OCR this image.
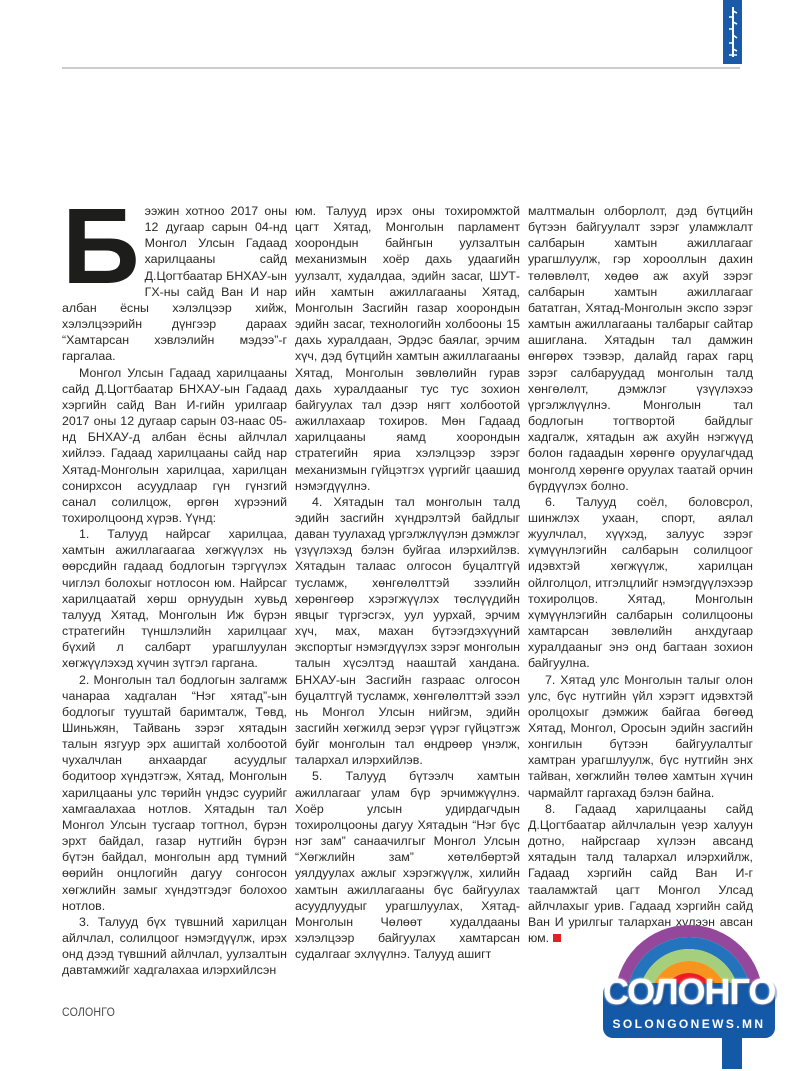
Бээжин хотноо 2017 оны 12 дугаар сарын 04-нд Монгол Улсын Гадаад харилцааны сайд Д.Цогтбаатар БНХАУ-ын ГХ-ны сайд Ван И нар албан ёсны хэлэлцээр хийж, хэлэлцээрийн дүнгээр дараах “Хамтарсан хэвлэлийн мэдээ”-г гаргалаа.

Монгол Улсын Гадаад харилцааны сайд Д.Цогтбаатар БНХАУ-ын Гадаад хэргийн сайд Ван И-гийн урилгаар 2017 оны 12 дугаар сарын 03-наас 05-нд БНХАУ-д албан ёсны айлчлал хийлээ. Гадаад харилцааны сайд нар Хятад-Монголын харилцаа, харилцан сонирхсон асуудлаар гүн гүнзгий санал солилцож, өргөн хүрээний тохиролцоонд хүрэв. Үүнд:

1. Талууд найрсаг харилцаа, хамтын ажиллагаагаа хөгжүүлэх нь өөрсдийн гадаад бодлогын тэргүүлэх чиглэл болохыг нотлосон юм. Найрсаг харилцаатай хөрш орнуудын хувьд талууд Хятад, Монголын Иж бүрэн стратегийн түншлэлийн харилцааг бүхий л салбарт урагшлуулан хөгжүүлэхэд хүчин зүтгэл гаргана.

2. Монголын тал бодлогын залгамж чанараа хадгалан “Нэг хятад”-ын бодлогыг тууштай баримталж, Төвд, Шиньжян, Тайвань зэрэг хятадын талын язгуур эрх ашигтай холбоотой чухалчлан анхаардаг асуудлыг бодитоор хүндэтгэж, Хятад, Монголын харилцааны улс төрийн үндэс суурийг хамгаалахаа нотлов. Хятадын тал Монгол Улсын тусгаар тогтнол, бүрэн эрхт байдал, газар нутгийн бүрэн бүтэн байдал, монголын ард түмний өөрийн онцлогийн дагуу сонгосон хөгжлийн замыг хүндэтгэдэг болохоо нотлов.

3. Талууд бүх түвшний харилцан айлчлал, солилцоог нэмэгдүүлж, ирэх онд дээд түвшний айлчлал, уулзалтын давтамжийг хадгалахаа илэрхийлсэн

юм. Талууд ирэх оны тохиромжтой цагт Хятад, Монголын парламент хоорондын байнгын уулзалтын механизмын хоёр дахь удаагийн уулзалт, худалдаа, эдийн засаг, ШУТ-ийн хамтын ажиллагааны Хятад, Монголын Засгийн газар хоорондын эдийн засаг, технологийн холбооны 15 дахь хуралдаан, Эрдэс баялаг, эрчим хүч, дэд бүтцийн хамтын ажиллагааны Хятад, Монголын зөвлөлийн гурав дахь хуралдааныг тус тус зохион байгуулах тал дээр нягт холбоотой ажиллахаар тохиров. Мөн Гадаад харилцааны яамд хоорондын стратегийн яриа хэлэлцээр зэрэг механизмын гүйцэтгэх үүргийг цаашид нэмэгдүүлнэ.

4. Хятадын тал монголын талд эдийн засгийн хүндрэлтэй байдлыг даван туулахад үргэлжлүүлэн дэмжлэг үзүүлэхэд бэлэн буйгаа илэрхийлэв. Хятадын талаас олгосон буцалтгүй тусламж, хөнгөлөлттэй зээлийн хөрөнгөөр хэрэгжүүлэх төслүүдийн явцыг түргэсгэх, уул уурхай, эрчим хүч, мах, махан бүтээгдэхүүний экспортыг нэмэгдүүлэх зэрэг монголын талын хүсэлтэд нааштай хандана. БНХАУ-ын Засгийн газраас олгосон буцалтгүй тусламж, хөнгөлөлттэй зээл нь Монгол Улсын нийгэм, эдийн засгийн хөгжилд эерэг үүрэг гүйцэтгэж буйг монголын тал өндрөөр үнэлж, талархал илэрхийлэв.

5. Талууд бүтээлч хамтын ажиллагааг улам бүр эрчимжүүлнэ. Хоёр улсын удирдагчдын тохиролцооны дагуу Хятадын “Нэг бүс нэг зам” санаачилгыг Монгол Улсын “Хөгжлийн зам” хөтөлбөртэй уялдуулах ажлыг хэрэгжүүлж, хилийн хамтын ажиллагааны бүс байгуулах асуудлуудыг урагшлуулах, Хятад-Монголын Чөлөөт худалдааны хэлэлцээр байгуулах хамтарсан судалгааг эхлүүлнэ. Талууд ашигт

малтмалын олборлолт, дэд бүтцийн бүтээн байгуулалт зэрэг уламжлалт салбарын хамтын ажиллагааг урагшлуулж, гэр хорооллын дахин төлөвлөлт, хөдөө аж ахуй зэрэг салбарын хамтын ажиллагааг бататган, Хятад-Монголын экспо зэрэг хамтын ажиллагааны талбарыг сайтар ашиглана. Хятадын тал дамжин өнгөрөх тээвэр, далайд гарах гарц зэрэг салбаруудад монголын талд хөнгөлөлт, дэмжлэг үзүүлэхээ үргэлжлүүлнэ. Монголын тал бодлогын тогтвортой байдлыг хадгалж, хятадын аж ахуйн нэгжүүд болон гадаадын хөрөнгө оруулагчдад монголд хөрөнгө оруулах таатай орчин бүрдүүлэх болно.

6. Талууд соёл, боловсрол, шинжлэх ухаан, спорт, аялал жуулчлал, хүүхэд, залуус зэрэг хүмүүнлэгийн салбарын солилцоог идэвхтэй хөгжүүлж, харилцан ойлголцол, итгэлцлийг нэмэгдүүлэхээр тохиролцов. Хятад, Монголын хүмүүнлэгийн салбарын солилцооны хамтарсан зөвлөлийн анхдугаар хуралдааныг энэ онд багтаан зохион байгуулна.

7. Хятад улс Монголын талыг олон улс, бүс нутгийн үйл хэрэгт идэвхтэй оролцохыг дэмжиж байгаа бөгөөд Хятад, Монгол, Оросын эдийн засгийн хонгилын бүтээн байгуулалтыг хамтран урагшлуулж, бүс нутгийн энх тайван, хөгжлийн төлөө хамтын хүчин чармайлт гаргахад бэлэн байна.

8. Гадаад харилцааны сайд Д.Цогтбаатар айлчлалын үеэр халуун дотно, найрсгаар хүлээн авсанд хятадын талд талархал илэрхийлж, Гадаад хэргийн сайд Ван И-г тааламжтай цагт Монгол Улсад айлчлахыг урив. Гадаад хэргийн сайд Ван И урилгыг талархан хүлээн авсан юм.

СОЛОНГО
СОЛОНГО
SOLONGONEWS.MN
